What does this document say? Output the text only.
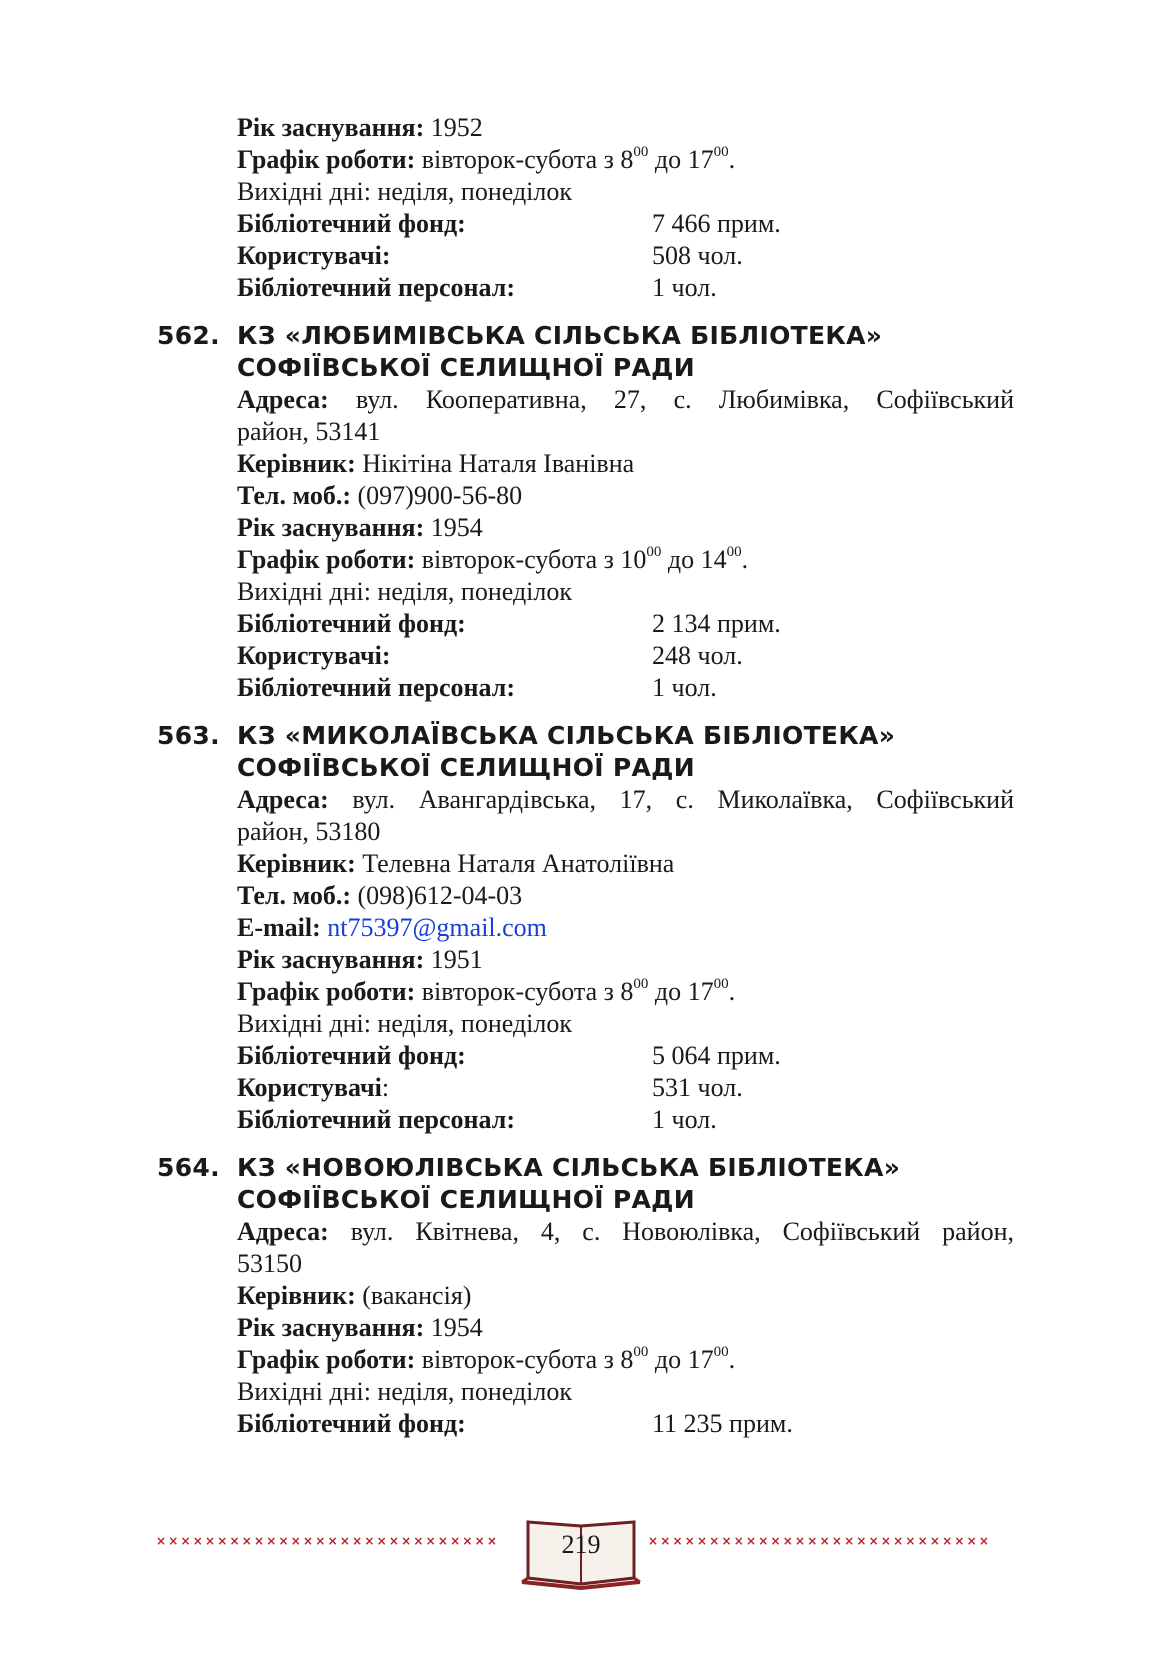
Рік заснування: 1952
Графік роботи: вівторок-субота з $8^{00}$ до $17^{00}$.
Вихідні дні: неділя, понеділок
Бібліотечний фонд:	7 466 прим.
Користувачі:	508 чол.
Бібліотечний персонал:	1 чол.
562. КЗ «ЛЮБИМІВСЬКА СІЛЬСЬКА БІБЛІОТЕКА»
СОФІЇВСЬКОЇ СЕЛИЩНОЇ РАДИ
Адреса: вул. Кооперативна, 27, с. Любимівка, Софіївський
район, 53141
Керівник: Нікітіна Наталя Іванівна
Тел. моб.: (097)900-56-80
Рік заснування: 1954
Графік роботи: вівторок-субота з $10^{00}$ до $14^{00}$.
Вихідні дні: неділя, понеділок
Бібліотечний фонд:	2 134 прим.
Користувачі:	248 чол.
Бібліотечний персонал:	1 чол.
563. КЗ «МИКОЛАЇВСЬКА СІЛЬСЬКА БІБЛІОТЕКА»
СОФІЇВСЬКОЇ СЕЛИЩНОЇ РАДИ
Адреса: вул. Авангардівська, 17, с. Миколаївка, Софіївський
район, 53180
Керівник: Телевна Наталя Анатоліївна
Тел. моб.: (098)612-04-03
E-mail: nt75397@gmail.com
Рік заснування: 1951
Графік роботи: вівторок-субота з $8^{00}$ до $17^{00}$.
Вихідні дні: неділя, понеділок
Бібліотечний фонд:	5 064 прим.
Користувачі:	531 чол.
Бібліотечний персонал:	1 чол.
564. КЗ «НОВОЮЛІВСЬКА СІЛЬСЬКА БІБЛІОТЕКА»
СОФІЇВСЬКОЇ СЕЛИЩНОЇ РАДИ
Адреса: вул. Квітнева, 4, с. Новоюлівка, Софіївський район,
53150
Керівник: (вакансія)
Рік заснування: 1954
Графік роботи: вівторок-субота з $8^{00}$ до $17^{00}$.
Вихідні дні: неділя, понеділок
Бібліотечний фонд:	11 235 прим.
××××××××××××××××××××××××××××	××××××××××××××××××××××××××××
219
